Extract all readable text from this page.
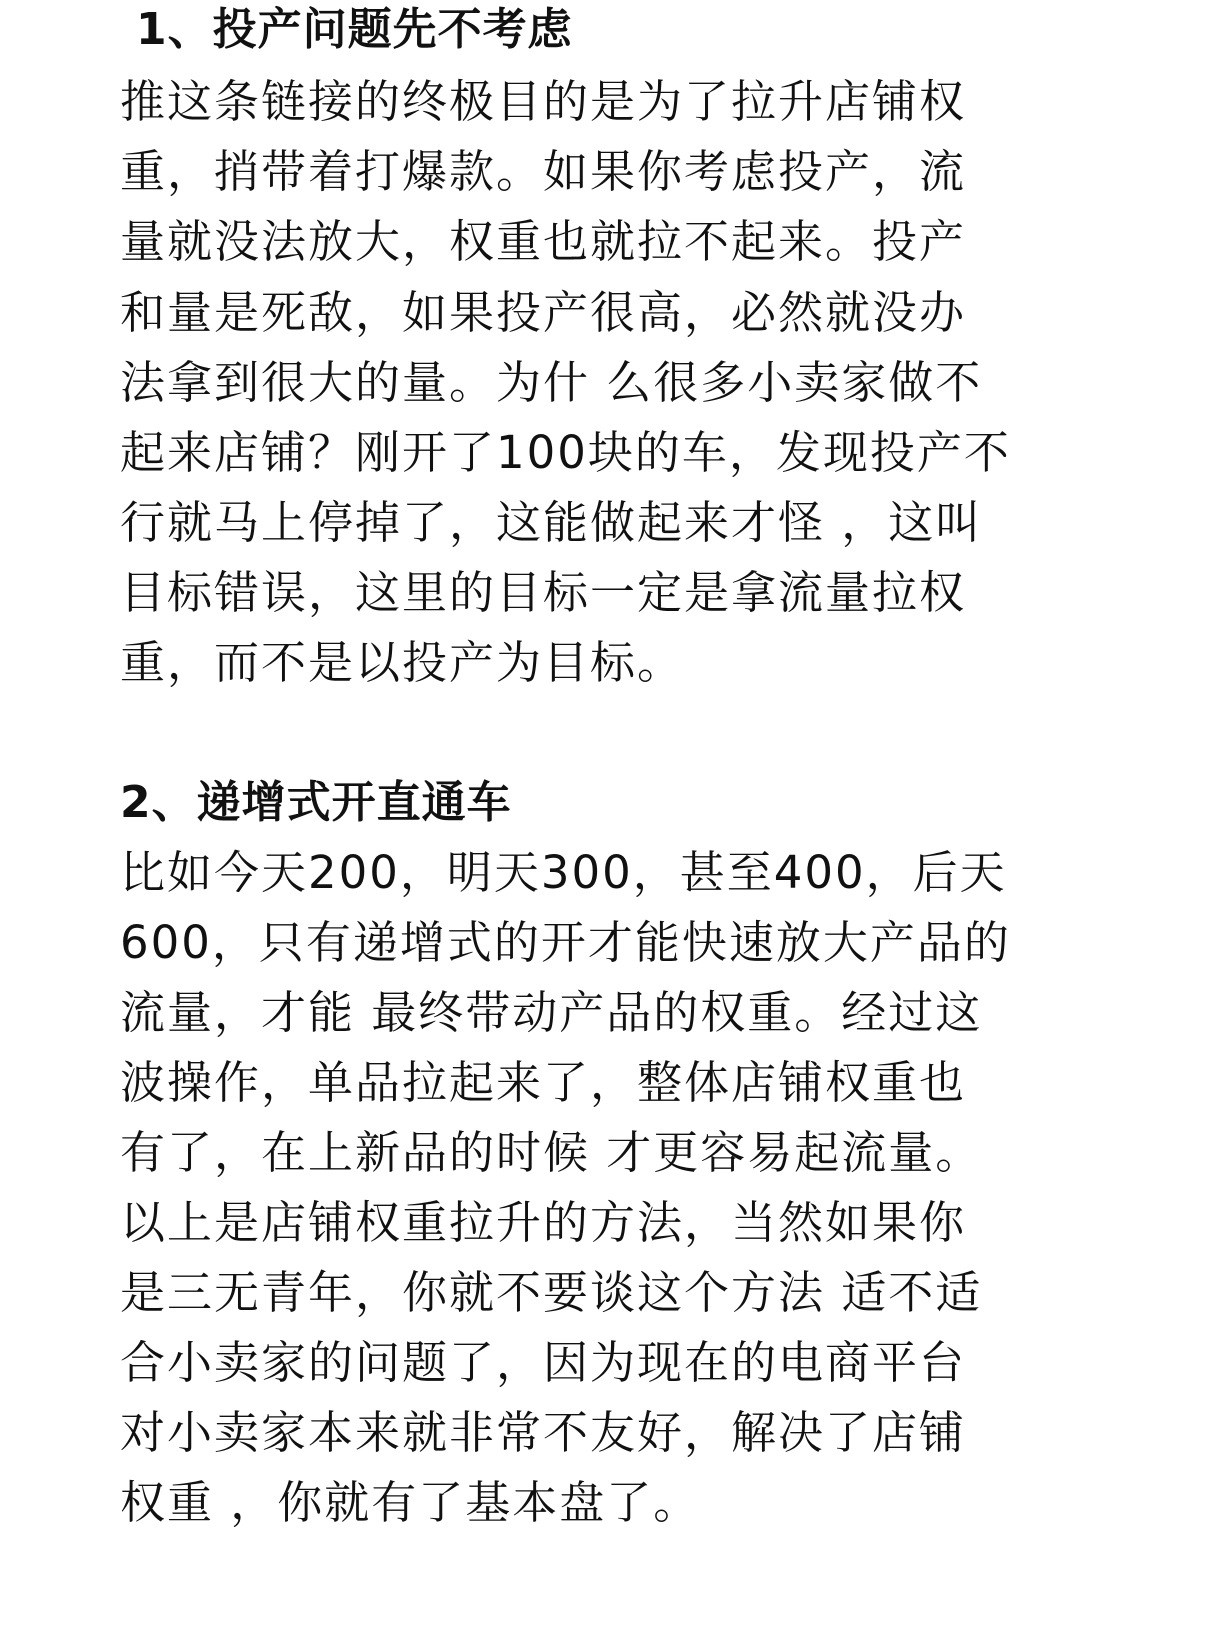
1、投产问题先不考虑

推这条链接的终极目的是为了拉升店铺权

重，捎带着打爆款。如果你考虑投产，流

量就没法放大，权重也就拉不起来。投产

和量是死敌，如果投产很高，必然就没办

法拿到很大的量。为什 么很多小卖家做不

起来店铺？刚开了100块的车，发现投产不

行就马上停掉了，这能做起来才怪 ，这叫

目标错误，这里的目标一定是拿流量拉权

重，而不是以投产为目标。

2、递增式开直通车

比如今天200，明天300，甚至400，后天

600，只有递增式的开才能快速放大产品的

流量，才能 最终带动产品的权重。经过这

波操作，单品拉起来了，整体店铺权重也

有了，在上新品的时候 才更容易起流量。

以上是店铺权重拉升的方法，当然如果你

是三无青年，你就不要谈这个方法 适不适

合小卖家的问题了，因为现在的电商平台

对小卖家本来就非常不友好，解决了店铺

权重 ，你就有了基本盘了。
